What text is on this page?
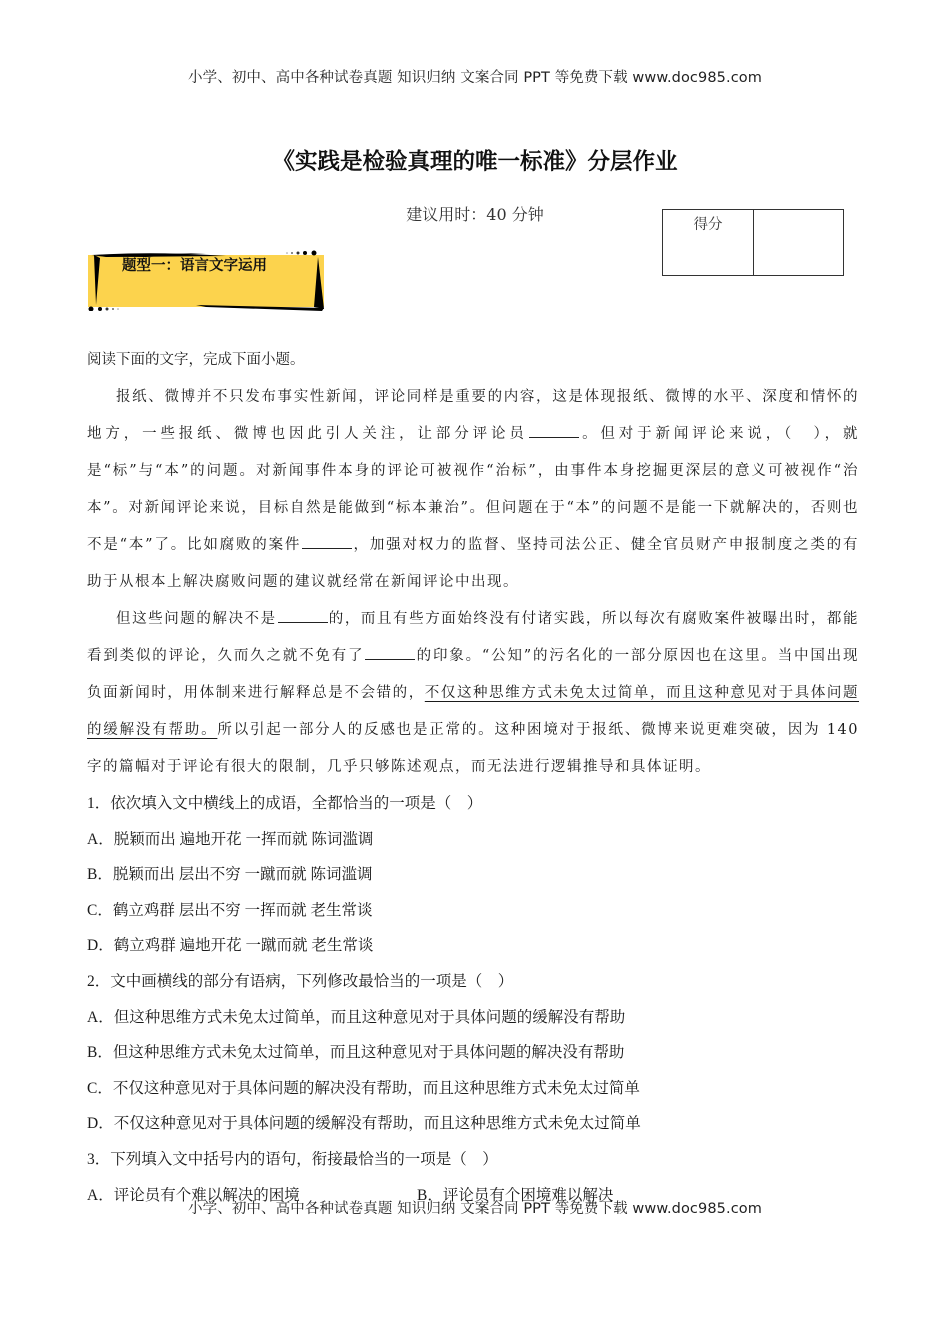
小学、初中、高中各种试卷真题 知识归纳 文案合同 PPT 等免费下载 www.doc985.com
《实践是检验真理的唯一标准》分层作业
建议用时：40 分钟
得分
题型一：语言文字运用

阅读下面的文字，完成下面小题。

报纸、微博并不只发布事实性新闻，评论同样是重要的内容，这是体现报纸、微博的水平、深度和情怀的地方，一些报纸、微博也因此引人关注，让部分评论员	。但对于新闻评论来说，（　），就是“标”与“本”的问题。对新闻事件本身的评论可被视作“治标”，由事件本身挖掘更深层的意义可被视作“治本”。对新闻评论来说，目标自然是能做到“标本兼治”。但问题在于“本”的问题不是能一下就解决的，否则也不是“本”了。比如腐败的案件	，加强对权力的监督、坚持司法公正、健全官员财产申报制度之类的有助于从根本上解决腐败问题的建议就经常在新闻评论中出现。

但这些问题的解决不是	的，而且有些方面始终没有付诸实践，所以每次有腐败案件被曝出时，都能看到类似的评论，久而久之就不免有了	的印象。“公知”的污名化的一部分原因也在这里。当中国出现负面新闻时，用体制来进行解释总是不会错的，不仅这种思维方式未免太过简单，而且这种意见对于具体问题的缓解没有帮助。所以引起一部分人的反感也是正常的。这种困境对于报纸、微博来说更难突破，因为 140 字的篇幅对于评论有很大的限制，几乎只够陈述观点，而无法进行逻辑推导和具体证明。

1．依次填入文中横线上的成语，全都恰当的一项是（　）
A．脱颖而出 遍地开花 一挥而就 陈词滥调
B．脱颖而出 层出不穷 一蹴而就 陈词滥调
C．鹤立鸡群 层出不穷 一挥而就 老生常谈
D．鹤立鸡群 遍地开花 一蹴而就 老生常谈
2．文中画横线的部分有语病，下列修改最恰当的一项是（　）
A．但这种思维方式未免太过简单，而且这种意见对于具体问题的缓解没有帮助
B．但这种思维方式未免太过简单，而且这种意见对于具体问题的解决没有帮助
C．不仅这种意见对于具体问题的解决没有帮助，而且这种思维方式未免太过简单
D．不仅这种意见对于具体问题的缓解没有帮助，而且这种思维方式未免太过简单
3．下列填入文中括号内的语句，衔接最恰当的一项是（　）
A．评论员有个难以解决的困境	B．评论员有个困境难以解决
小学、初中、高中各种试卷真题 知识归纳 文案合同 PPT 等免费下载 www.doc985.com
